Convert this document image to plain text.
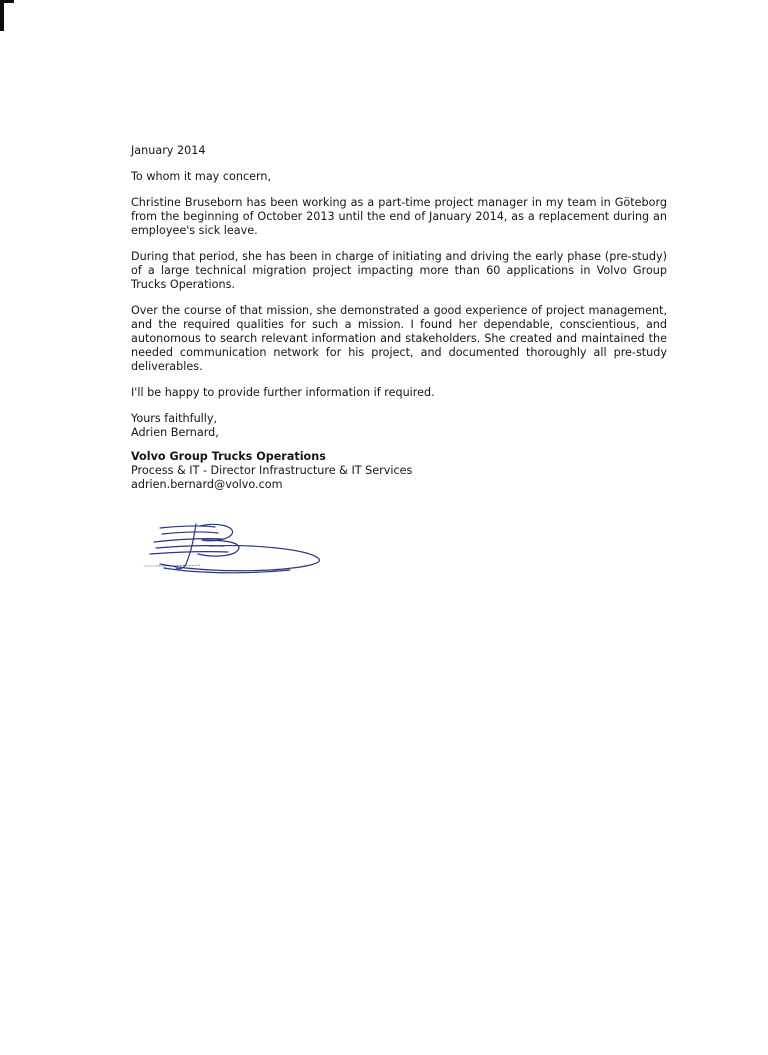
January 2014

To whom it may concern,

Christine Bruseborn has been working as a part-time project manager in my team in Göteborg from the beginning of October 2013 until the end of January 2014, as a replacement during an employee's sick leave.

During that period, she has been in charge of initiating and driving the early phase (pre-study) of a large technical migration project impacting more than 60 applications in Volvo Group Trucks Operations.

Over the course of that mission, she demonstrated a good experience of project management, and the required qualities for such a mission. I found her dependable, conscientious, and autonomous to search relevant information and stakeholders. She created and maintained the needed communication network for his project, and documented thoroughly all pre-study deliverables.

I'll be happy to provide further information if required.

Yours faithfully,

Adrien Bernard,

Volvo Group Trucks Operations

Process & IT - Director Infrastructure & IT Services

adrien.bernard@volvo.com
